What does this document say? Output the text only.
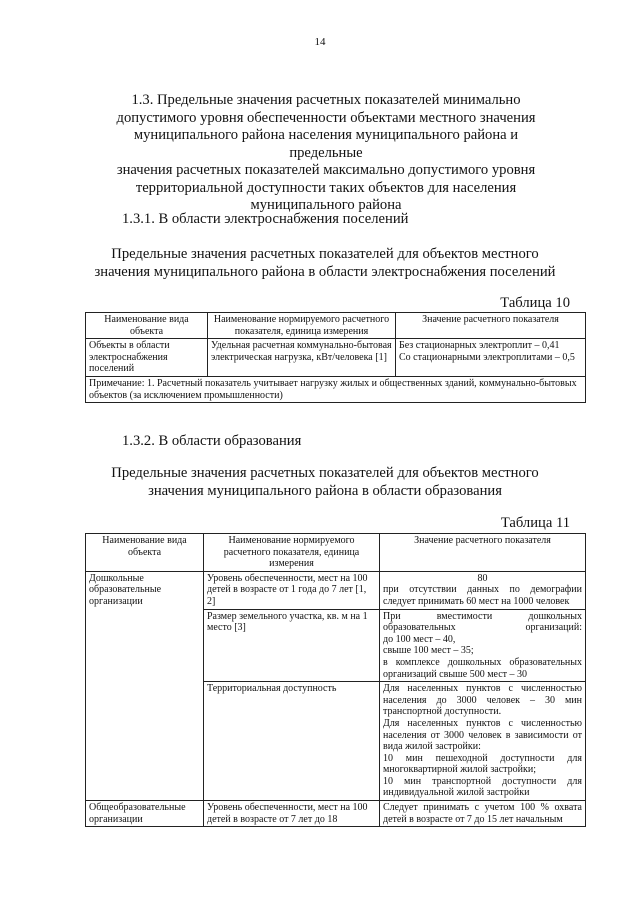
14
1.3. Предельные значения расчетных показателей минимально
допустимого уровня обеспеченности объектами местного значения
муниципального района населения муниципального района и предельные
значения расчетных показателей максимально допустимого уровня
территориальной доступности таких объектов для населения
муниципального района
1.3.1. В области электроснабжения поселений
Предельные значения расчетных показателей для объектов местного
значения муниципального района в области электроснабжения поселений
Таблица 10
Наименование вида объекта	Наименование нормируемого расчетного показателя, единица измерения	Значение расчетного показателя
Объекты в области электроснабжения поселений	Удельная расчетная коммунально-бытовая электрическая нагрузка, кВт/человека [1]	Без стационарных электроплит – 0,41
Со стационарными электроплитами – 0,5

Примечание: 1. Расчетный показатель учитывает нагрузку жилых и общественных зданий, коммунально-бытовых объектов (за исключением промышленности)		
1.3.2. В области образования
Предельные значения расчетных показателей для объектов местного
значения муниципального района в области образования
Таблица 11
Наименование вида объекта	Наименование нормируемого расчетного показателя, единица измерения	Значение расчетного показателя
Дошкольные образовательные организации	Уровень обеспеченности, мест на 100 детей в возрасте от 1 года до 7 лет [1, 2]	80
при отсутствии данных по демографии следует принимать 60 мест на 1000 человек

	Размер земельного участка, кв. м на 1 место [3]	При вместимости дошкольных образовательных организаций:
до 100 мест – 40,
свыше 100 мест – 35;
в комплексе дошкольных образовательных организаций свыше 500 мест – 30

	Территориальная доступность	Для населенных пунктов с численностью населения до 3000 человек – 30 мин транспортной доступности.
Для населенных пунктов с численностью населения от 3000 человек в зависимости от вида жилой застройки:
10 мин пешеходной доступности для многоквартирной жилой застройки;
10 мин транспортной доступности для индивидуальной жилой застройки

Общеобразовательные организации	Уровень обеспеченности, мест на 100 детей в возрасте от 7 лет до 18	Следует принимать с учетом 100 % охвата детей в возрасте от 7 до 15 лет начальным
